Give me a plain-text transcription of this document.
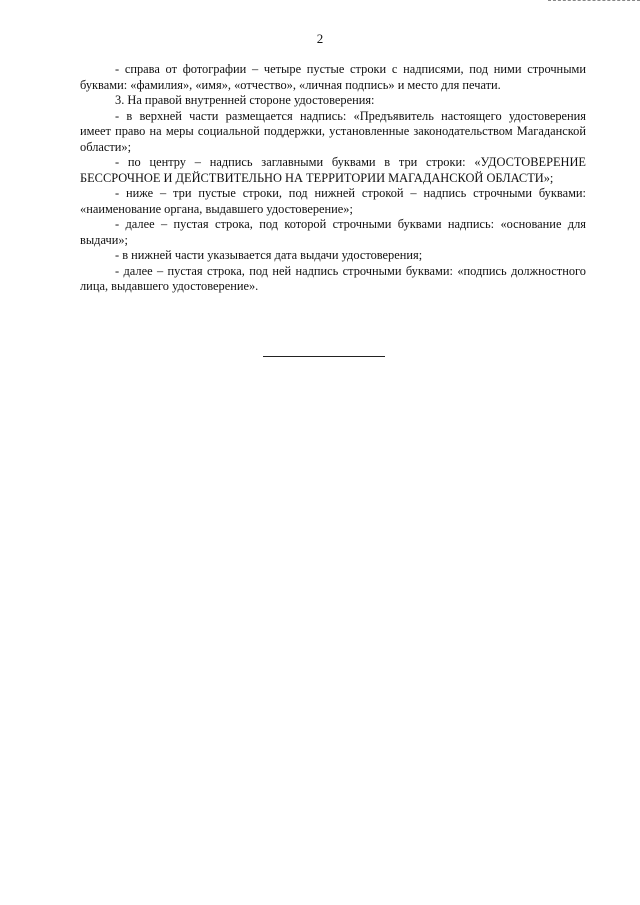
2

- справа от фотографии – четыре пустые строки с надписями, под ними строчными буквами: «фамилия», «имя», «отчество», «личная подпись» и место для печати.

3. На правой внутренней стороне удостоверения:

- в верхней части размещается надпись: «Предъявитель настоящего удостоверения имеет право на меры социальной поддержки, установленные законодательством Магаданской области»;

- по центру – надпись заглавными буквами в три строки: «УДОСТОВЕРЕНИЕ БЕССРОЧНОЕ И ДЕЙСТВИТЕЛЬНО НА ТЕРРИТОРИИ МАГАДАНСКОЙ ОБЛАСТИ»;

- ниже – три пустые строки, под нижней строкой – надпись строчными буквами: «наименование органа, выдавшего удостоверение»;

- далее – пустая строка, под которой строчными буквами надпись: «основание для выдачи»;

- в нижней части указывается дата выдачи удостоверения;

- далее – пустая строка, под ней надпись строчными буквами: «подпись должностного лица, выдавшего удостоверение».
